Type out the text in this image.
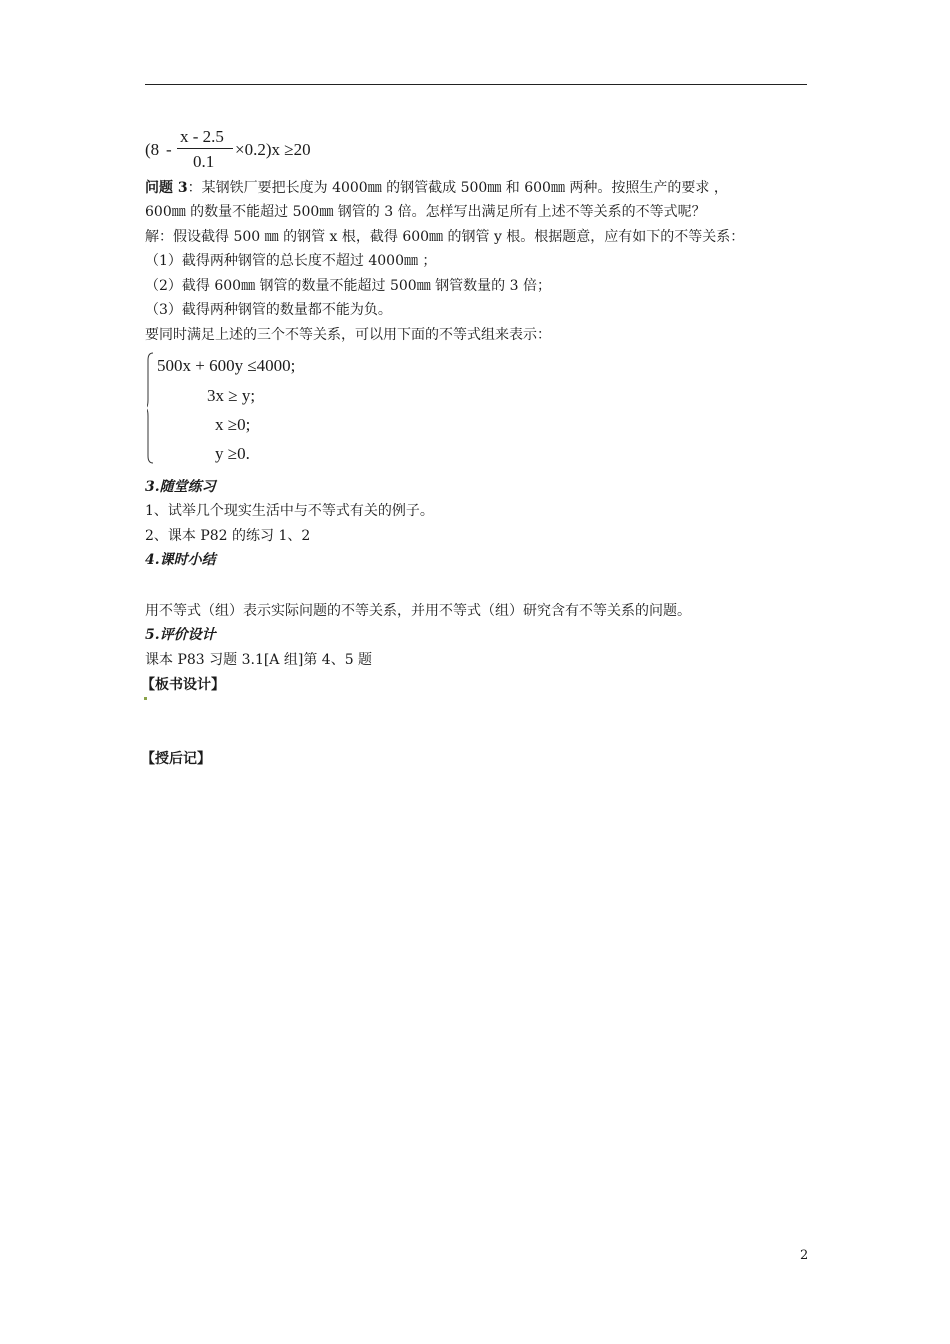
(8 -
x - 2.5
0.1
×0.2)x ≥20
问题 3：某钢铁厂要把长度为 4000㎜ 的钢管截成 500㎜ 和 600㎜ 两种。按照生产的要求 ，
600㎜ 的数量不能超过 500㎜ 钢管的 3 倍。怎样写出满足所有上述不等关系的不等式呢？
解：假设截得 500 ㎜ 的钢管 x 根，截得 600㎜ 的钢管 y 根。根据题意，应有如下的不等关系：
（1）截得两种钢管的总长度不超过 4000㎜ ；
（2）截得 600㎜ 钢管的数量不能超过 500㎜ 钢管数量的 3 倍；
（3）截得两种钢管的数量都不能为负。
要同时满足上述的三个不等关系，可以用下面的不等式组来表示：
500x + 600y ≤4000;
3x ≥ y;
x ≥0;
y ≥0.
3.随堂练习
1、试举几个现实生活中与不等式有关的例子。
2、课本 P82 的练习 1、2
4.课时小结
用不等式（组）表示实际问题的不等关系，并用不等式（组）研究含有不等关系的问题。
5.评价设计
课本 P83 习题 3.1[A 组]第 4、5 题
【板书设计】
【授后记】
2
